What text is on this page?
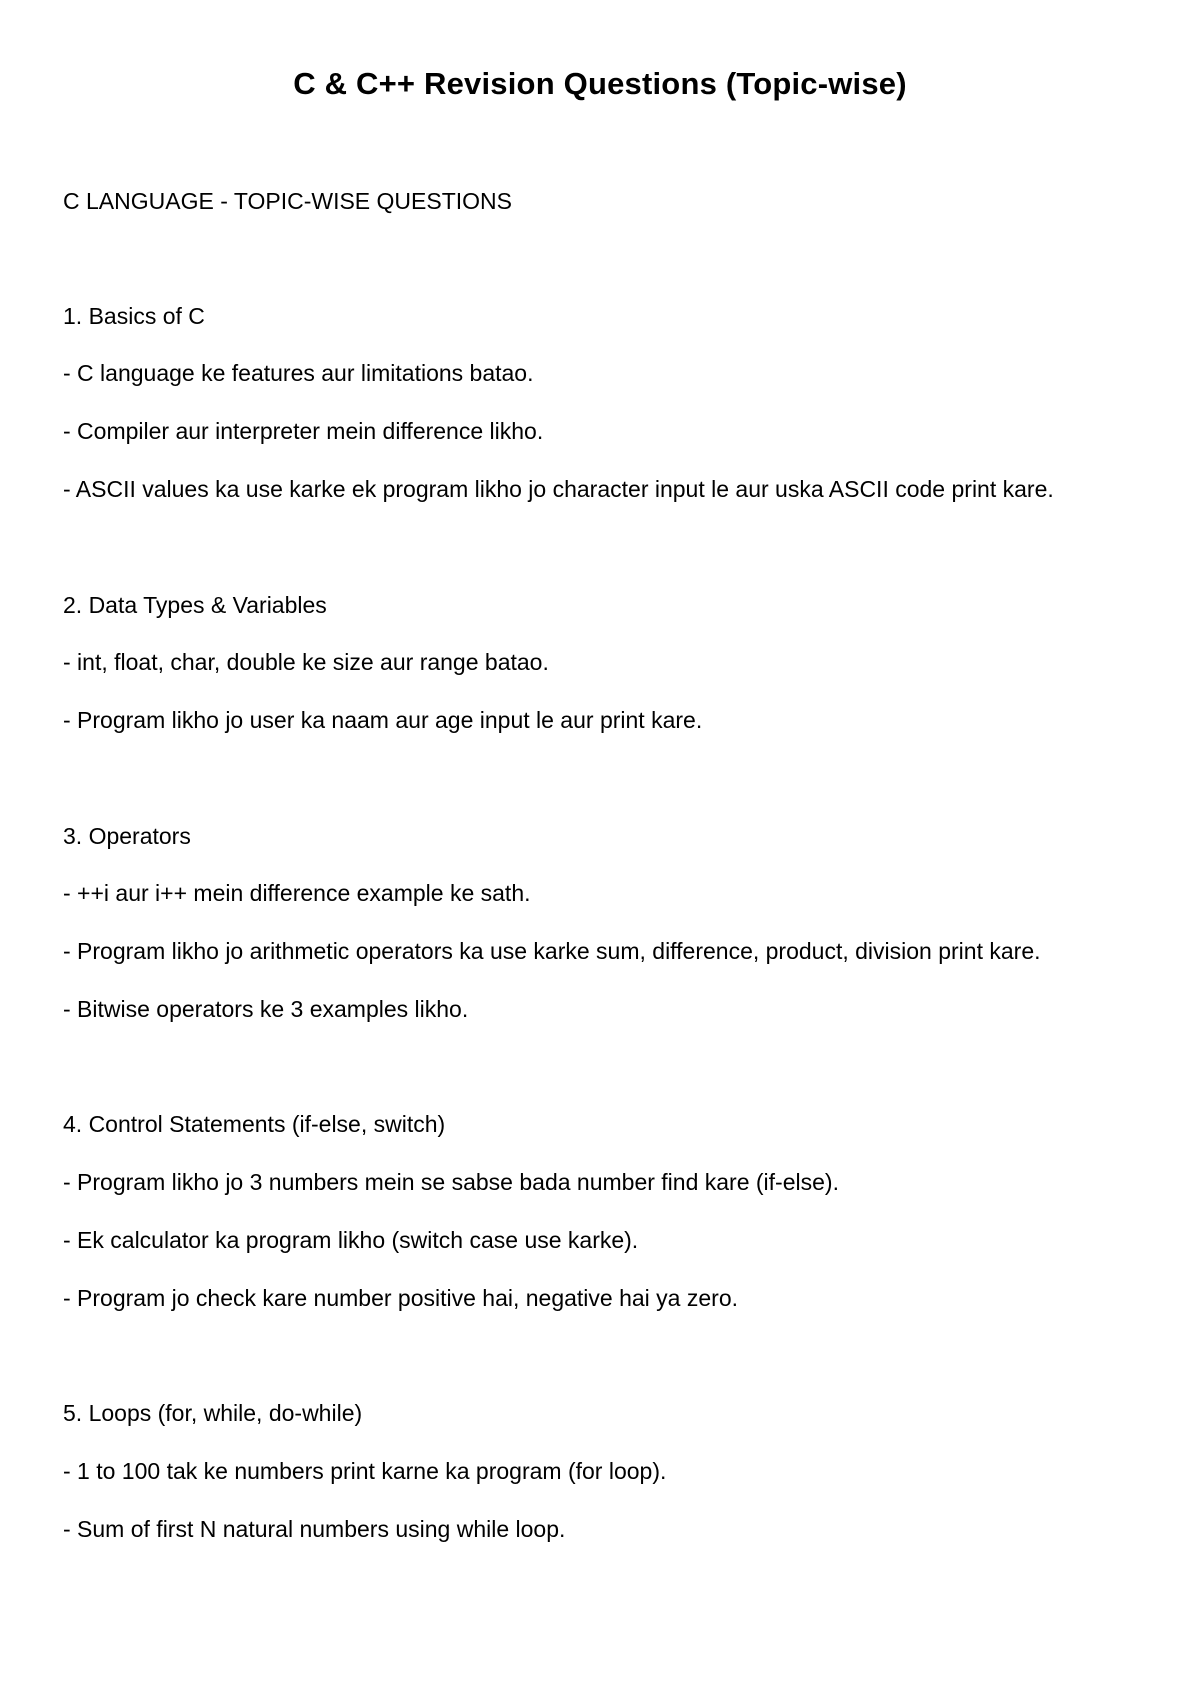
C & C++ Revision Questions (Topic-wise)

C LANGUAGE - TOPIC-WISE QUESTIONS

1. Basics of C

- C language ke features aur limitations batao.

- Compiler aur interpreter mein difference likho.

- ASCII values ka use karke ek program likho jo character input le aur uska ASCII code print kare.

2. Data Types & Variables

- int, float, char, double ke size aur range batao.

- Program likho jo user ka naam aur age input le aur print kare.

3. Operators

- ++i aur i++ mein difference example ke sath.

- Program likho jo arithmetic operators ka use karke sum, difference, product, division print kare.

- Bitwise operators ke 3 examples likho.

4. Control Statements (if-else, switch)

- Program likho jo 3 numbers mein se sabse bada number find kare (if-else).

- Ek calculator ka program likho (switch case use karke).

- Program jo check kare number positive hai, negative hai ya zero.

5. Loops (for, while, do-while)

- 1 to 100 tak ke numbers print karne ka program (for loop).

- Sum of first N natural numbers using while loop.
